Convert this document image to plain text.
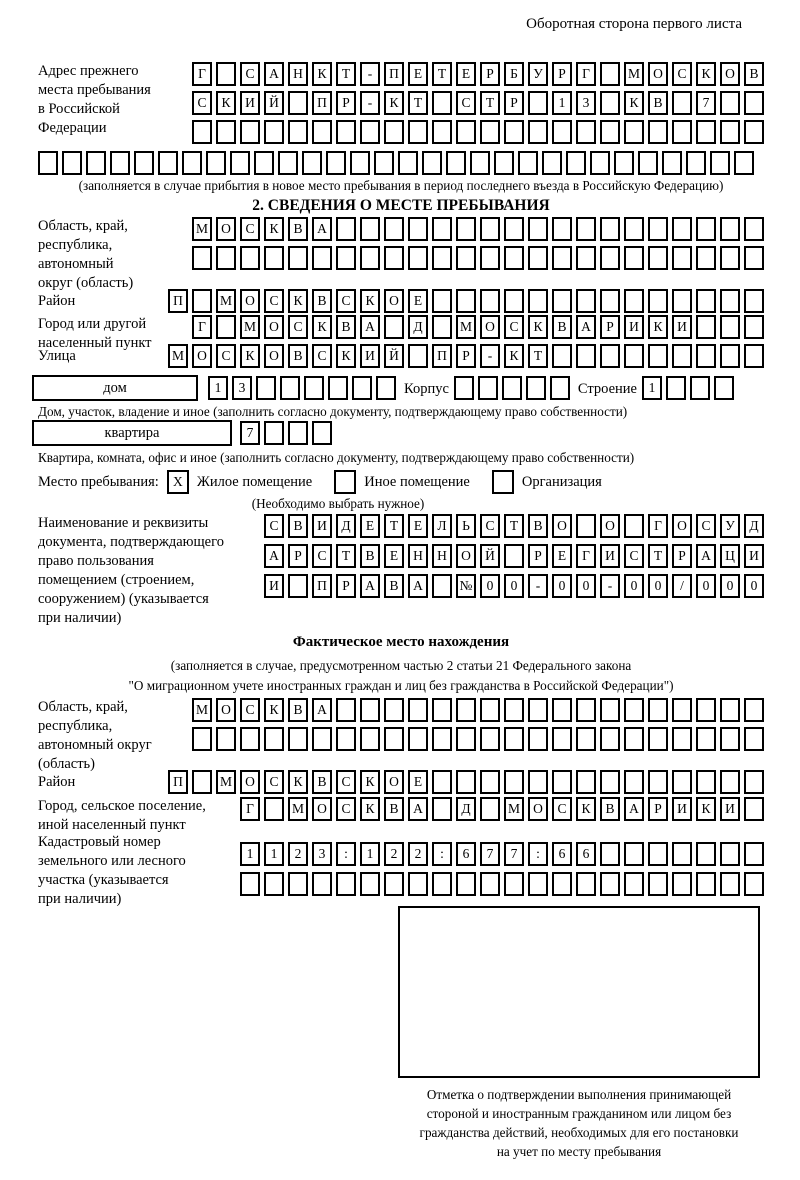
Оборотная сторона первого листа
Адрес прежнего
места пребывания
в Российской
Федерации
Г	С	А	Н	К	Т	-	П	Е	Т	Е	Р	Б	У	Р	Г	М О	С	К	О	В
С	К	И	Й	П	Р	-	К	Т	С	Т	Р	1	3	К	В	7
(заполняется в случае прибытия в новое место пребывания в период последнего въезда в Российскую Федерацию)
2. СВЕДЕНИЯ О МЕСТЕ ПРЕБЫВАНИЯ
Область, край,
республика,
автономный
округ (область)
М О	С	К	В	А
Район	П	М О	С	К	В	С	К	О	Е
Город или другой
населенный пункт
Г	М О	С	К	В	А	Д	М О	С	К	В	А	Р	И	К	И
Улица	М О	С	К	О	В	С	К	И	Й	П	Р	-	К	Т
дом	1	3	Корпус	Строение 1
Дом, участок, владение и иное (заполнить согласно документу, подтверждающему право собственности)
квартира	7
Квартира, комната, офис и иное (заполнить согласно документу, подтверждающему право собственности)
Место пребывания:	X Жилое помещение	Иное помещение	Организация
(Необходимо выбрать нужное)
Наименование и реквизиты
документа, подтверждающего
право пользования
помещением (строением,
сооружением) (указывается
при наличии)
С	В	И	Д	Е	Т	Е	Л	Ь	С	Т	В	О	О	Г	О	С	У	Д
А	Р	С	Т	В	Е	Н	Н	О	Й	Р	Е	Г	И	С	Т	Р	А	Ц	И
И	П	Р	А	В	А	№	0	0	-	0	0	-	0	0	/	0	0	0
Фактическое место нахождения
(заполняется в случае, предусмотренном частью 2 статьи 21 Федерального закона
"О миграционном учете иностранных граждан и лиц без гражданства в Российской Федерации")
Область, край,
республика,
автономный округ
(область)
М О	С	К	В	А
Район	П	М О	С	К	В	С	К	О	Е
Город, сельское поселение,
иной населенный пункт
Г	М О	С	К	В	А	Д	М О	С	К	В	А	Р	И	К	И
Кадастровый номер
земельного или лесного
участка (указывается
при наличии)
1	1	2	3	:	1	2	2	:	6	7	7	:	6	6
Отметка о подтверждении выполнения принимающей
стороной и иностранным гражданином или лицом без
гражданства действий, необходимых для его постановки
на учет по месту пребывания
